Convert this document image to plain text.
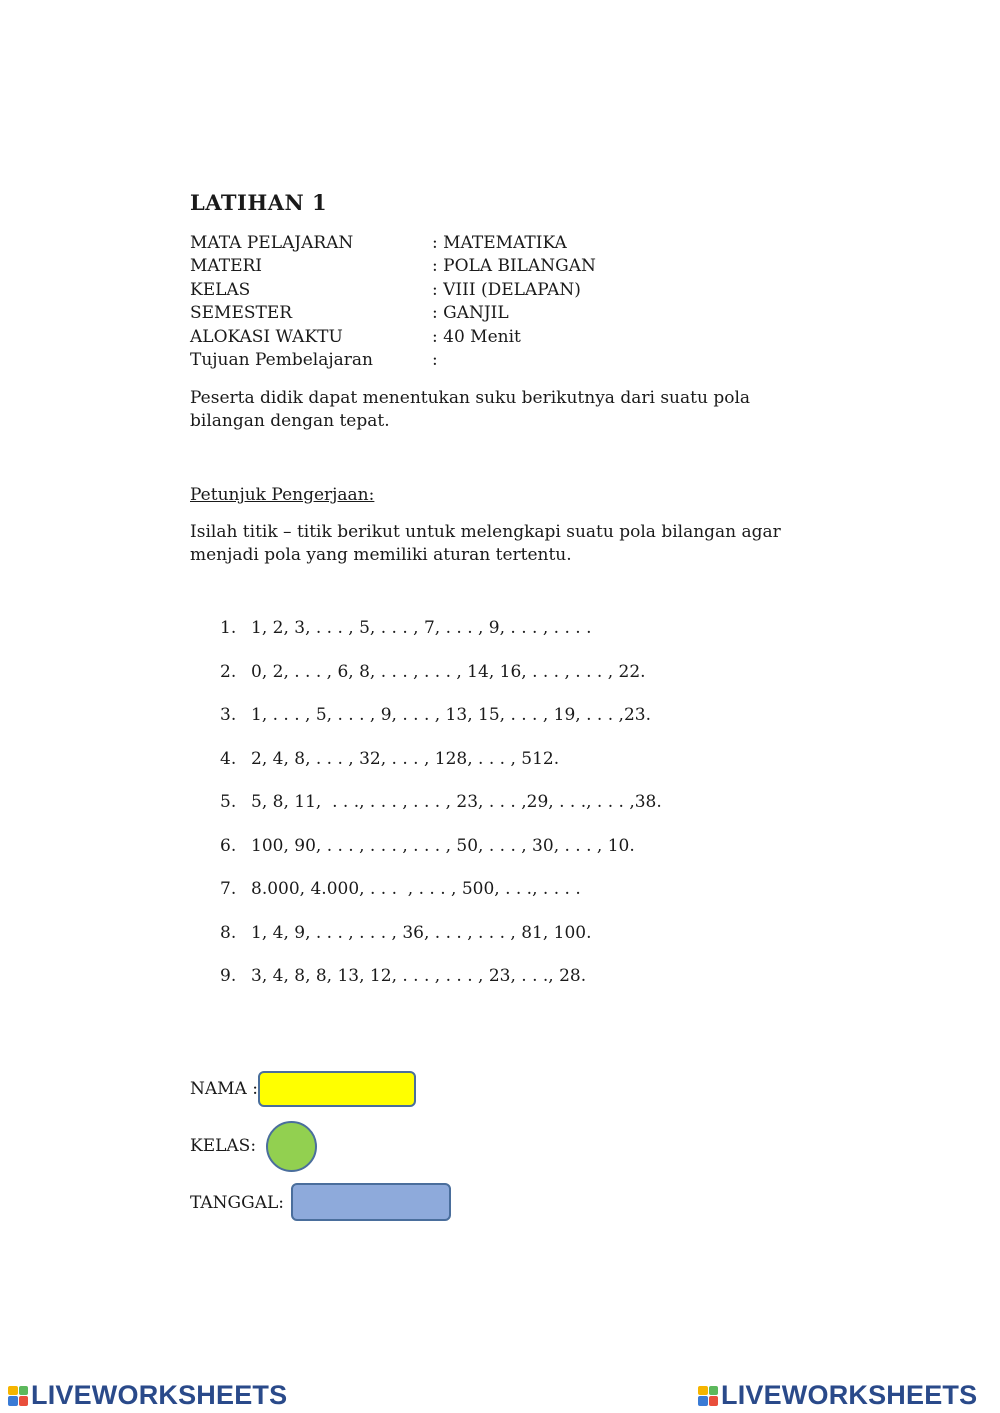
LATIHAN 1
MATA PELAJARAN	: MATEMATIKA
MATERI	: POLA BILANGAN
KELAS	: VIII (DELAPAN)
SEMESTER	: GANJIL
ALOKASI WAKTU	: 40 Menit
Tujuan Pembelajaran	:
Peserta didik dapat menentukan suku berikutnya dari suatu pola bilangan dengan tepat.
Petunjuk Pengerjaan:
Isilah titik – titik berikut untuk melengkapi suatu pola bilangan agar menjadi pola yang memiliki aturan tertentu.
1. 1, 2, 3, . . . , 5, . . . , 7, . . . , 9, . . . , . . . .
2. 0, 2, . . . , 6, 8, . . . , . . . , 14, 16, . . . , . . . , 22.
3. 1, . . . , 5, . . . , 9, . . . , 13, 15, . . . , 19, . . . ,23.
4. 2, 4, 8, . . . , 32, . . . , 128, . . . , 512.
5. 5, 8, 11,  . . ., . . . , . . . , 23, . . . ,29, . . ., . . . ,38.
6. 100, 90, . . . , . . . , . . . , 50, . . . , 30, . . . , 10.
7. 8.000, 4.000, . . .  , . . . , 500, . . ., . . . .
8. 1, 4, 9, . . . , . . . , 36, . . . , . . . , 81, 100.
9. 3, 4, 8, 8, 13, 12, . . . , . . . , 23, . . ., 28.
NAMA :
KELAS:
TANGGAL:
LIVEWORKSHEETS	LIVEWORKSHEETS
